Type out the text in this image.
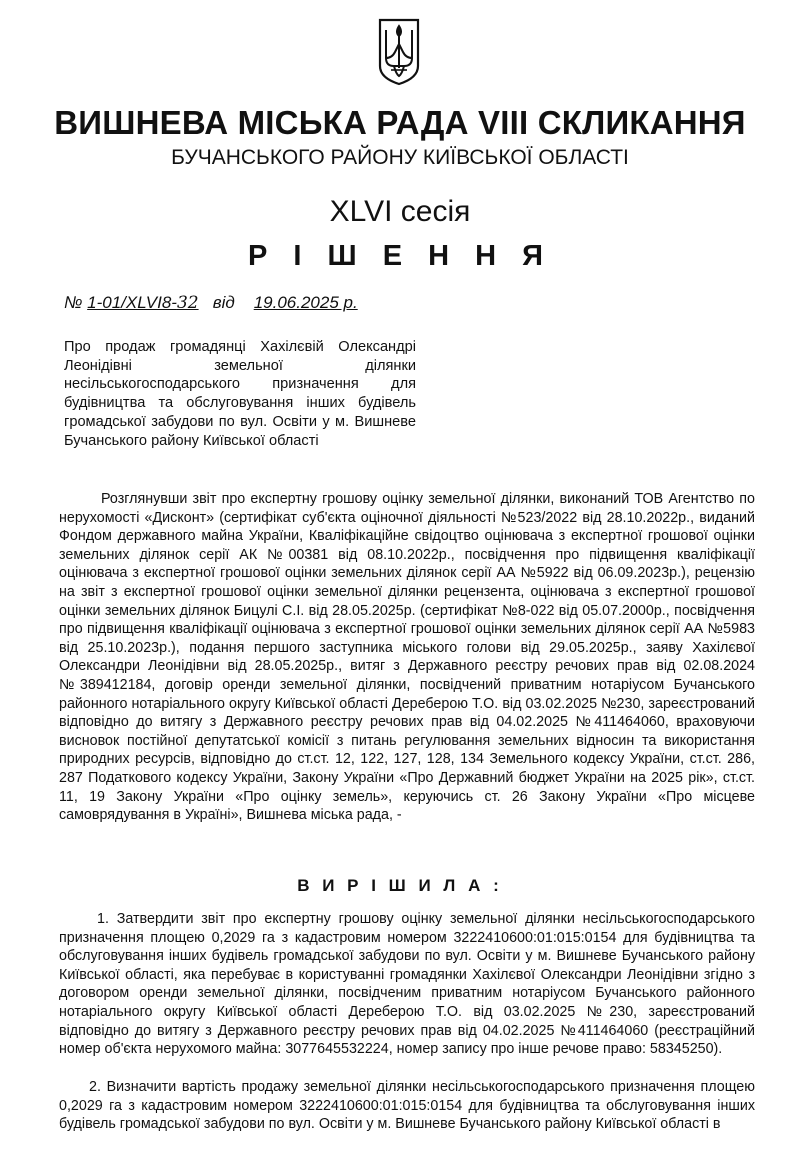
ВИШНЕВА МІСЬКА РАДА VIII СКЛИКАННЯ
БУЧАНСЬКОГО РАЙОНУ КИЇВСЬКОЇ ОБЛАСТІ
XLVI сесія
Р І Ш Е Н Н Я
№ 1-01/XLVI8-32 від 19.06.2025 р.
Про продаж громадянці Хахілєвій Олександрі
Леонідівні земельної ділянки
несільськогосподарського призначення для
будівництва та обслуговування інших будівель
громадської забудови по вул. Освіти у м. Вишневе
Бучанського району Київської області
Розглянувши звіт про експертну грошову оцінку земельної ділянки, виконаний ТОВ Агентство по нерухомості «Дисконт» (сертифікат суб'єкта оціночної діяльності №523/2022 від 28.10.2022р., виданий Фондом державного майна України, Кваліфікаційне свідоцтво оцінювача з експертної грошової оцінки земельних ділянок серії АК №00381 від 08.10.2022р., посвідчення про підвищення кваліфікації оцінювача з експертної грошової оцінки земельних ділянок серії АА №5922 від 06.09.2023р.), рецензію на звіт з експертної грошової оцінки земельної ділянки рецензента, оцінювача з експертної грошової оцінки земельних ділянок Бицулі С.І. від 28.05.2025р. (сертифікат №8-022 від 05.07.2000р., посвідчення про підвищення кваліфікації оцінювача з експертної грошової оцінки земельних ділянок серії АА №5983 від 25.10.2023р.), подання першого заступника міського голови від 29.05.2025р., заяву Хахілєвої Олександри Леонідівни від 28.05.2025р., витяг з Державного реєстру речових прав від 02.08.2024 №389412184, договір оренди земельної ділянки, посвідчений приватним нотаріусом Бучанського районного нотаріального округу Київської області Дереберою Т.О. від 03.02.2025 №230, зареєстрований відповідно до витягу з Державного реєстру речових прав від 04.02.2025 №411464060, враховуючи висновок постійної депутатської комісії з питань регулювання земельних відносин та використання природних ресурсів, відповідно до ст.ст. 12, 122, 127, 128, 134 Земельного кодексу України, ст.ст. 286, 287 Податкового кодексу України, Закону України «Про Державний бюджет України на 2025 рік», ст.ст. 11, 19 Закону України «Про оцінку земель», керуючись ст. 26 Закону України «Про місцеве самоврядування в Україні», Вишнева міська рада, -
В И Р І Ш И Л А :
1. Затвердити звіт про експертну грошову оцінку земельної ділянки несільськогосподарського призначення площею 0,2029 га з кадастровим номером 3222410600:01:015:0154 для будівництва та обслуговування інших будівель громадської забудови по вул. Освіти у м. Вишневе Бучанського району Київської області, яка перебуває в користуванні громадянки Хахілєвої Олександри Леонідівни згідно з договором оренди земельної ділянки, посвідченим приватним нотаріусом Бучанського районного нотаріального округу Київської області Дереберою Т.О. від 03.02.2025 №230, зареєстрований відповідно до витягу з Державного реєстру речових прав від 04.02.2025 №411464060 (реєстраційний номер об'єкта нерухомого майна: 3077645532224, номер запису про інше речове право: 58345250).
2. Визначити вартість продажу земельної ділянки несільськогосподарського призначення площею 0,2029 га з кадастровим номером 3222410600:01:015:0154 для будівництва та обслуговування інших будівель громадської забудови по вул. Освіти у м. Вишневе Бучанського району Київської області в
